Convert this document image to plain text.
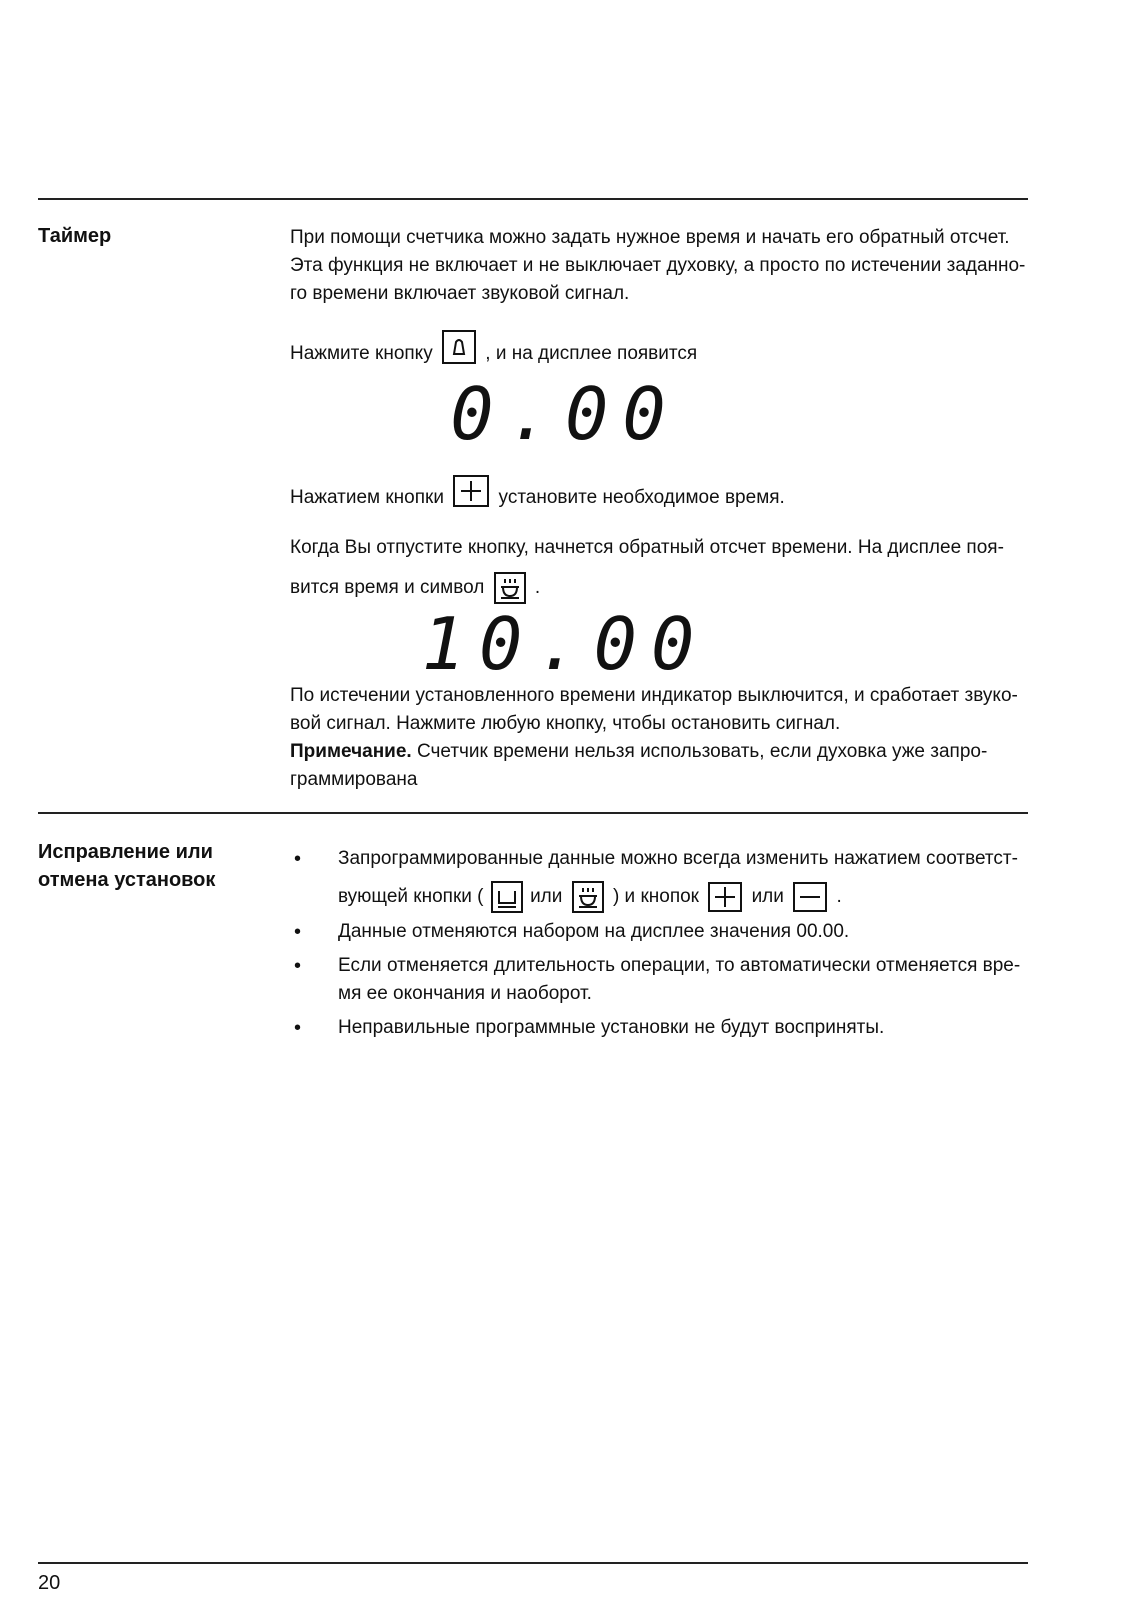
Таймер	При помощи счетчика можно задать нужное время и начать его обратный отсчет.
Эта функция не включает и не выключает духовку, а просто по истечении заданно-
го времени включает звуковой сигнал.
Нажмите кнопку	, и на дисплее появится
0.00
Нажатием кнопки	установите необходимое время.
Когда Вы отпустите кнопку, начнется обратный отсчет времени. На дисплее поя-
вится время и символ	.
10.00
По истечении установленного времени индикатор выключится, и сработает звуко-
вой сигнал. Нажмите любую кнопку, чтобы остановить сигнал.
Примечание. Счетчик времени нельзя использовать, если духовка уже запро-
граммирована
Исправление или
отмена установок
• Запрограммированные данные можно всегда изменить нажатием соответст-
вующей кнопки ( или	) и кнопок	или	.
• Данные отменяются набором на дисплее значения 00.00.
• Если отменяется длительность операции, то автоматически отменяется вре-
мя ее окончания и наоборот.
• Неправильные программные установки не будут восприняты.
20
